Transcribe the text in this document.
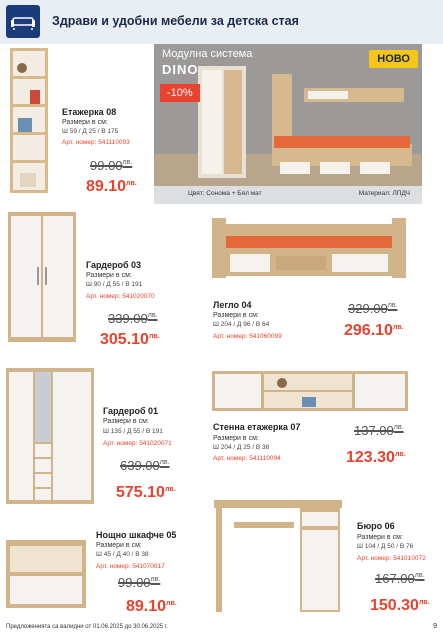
Здрави и удобни мебели за детска стая
Етажерка 08
Размери в см:
Ш 59 / Д 25 / В 175
Арт. номер: 541110093
$99.00^{лв.}$
$89.10^{лв.}$
Модулна система
DINO
-10%
НОВО
Цвят: Сонома + Бял мат	Материал: ЛПДЧ
Гардероб 03
Размери в см:
Ш 90 / Д 55 / В 191
Арт. номер: 541020070
$339.00^{лв.}$
$305.10^{лв.}$
Легло 04
Размери в см:
Ш 204 / Д 96 / В 64
Арт. номер: 541060099
$329.00^{лв.}$
$296.10^{лв.}$
Гардероб 01
Размери в см:
Ш 135 / Д 55 / В 191
Арт. номер: 541020071
$639.00^{лв.}$
$575.10^{лв.}$
Стенна етажерка 07
Размери в см:
Ш 204 / Д 25 / В 38
Арт. номер: 541110094
$137.00^{лв.}$
$123.30^{лв.}$
Нощно шкафче 05
Размери в см:
Ш 45 / Д 40 / В 38
Арт. номер: 541070017
$99.00^{лв.}$
$89.10^{лв.}$
Бюро 06
Размери в см:
Ш 104 / Д 50 / В 76
Арт. номер: 541010072
$167.00^{лв.}$
$150.30^{лв.}$
Предложенията са валидни от 01.06.2025 до 30.06.2025 г.	9
